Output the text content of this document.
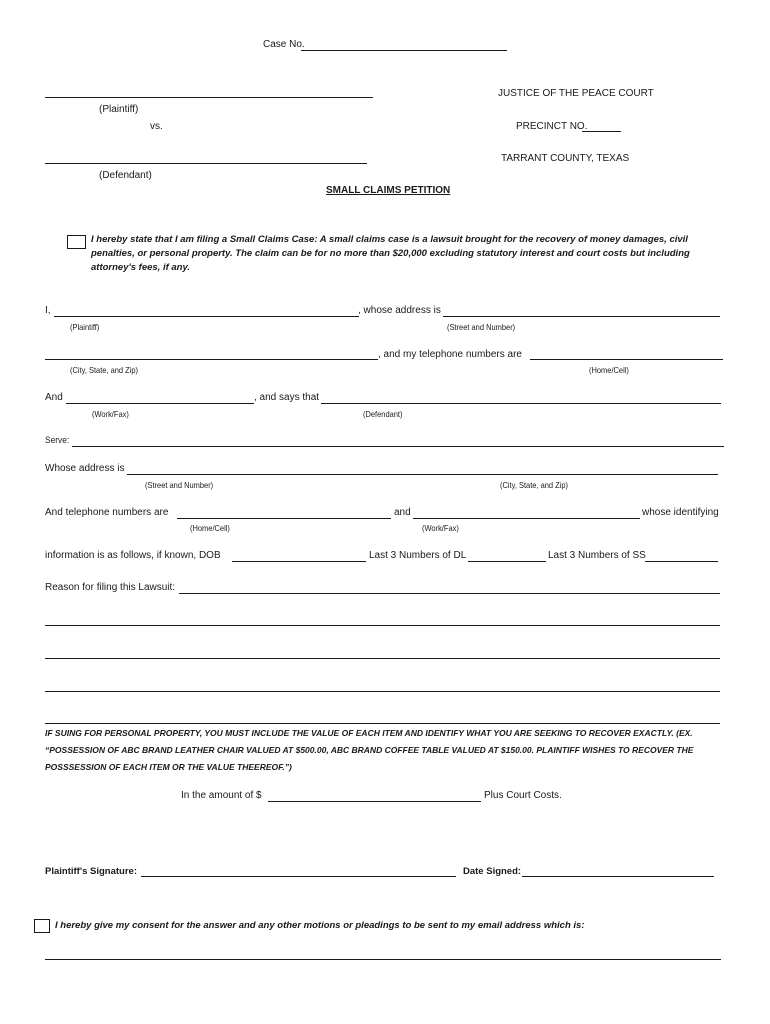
Case No.
JUSTICE OF THE PEACE COURT
(Plaintiff)
vs.	PRECINCT NO.
TARRANT COUNTY, TEXAS
(Defendant)
SMALL CLAIMS PETITION
I hereby state that I am filing a Small Claims Case: A small claims case is a lawsuit brought for the recovery of money damages, civil penalties, or personal property. The claim can be for no more than $20,000 excluding statutory interest and court costs but including attorney's fees, if any.
I,	, whose address is
(Plaintiff)	(Street and Number)
, and my telephone numbers are
(City, State, and Zip)	(Home/Cell)
And	, and says that
(Work/Fax)	(Defendant)
Serve:
Whose address is
(Street and Number)	(City, State, and Zip)
And telephone numbers are	and	whose identifying
(Home/Cell)	(Work/Fax)
information is as follows, if known, DOB	Last 3 Numbers of DL	Last 3 Numbers of SS
Reason for filing this Lawsuit:
IF SUING FOR PERSONAL PROPERTY, YOU MUST INCLUDE THE VALUE OF EACH ITEM AND IDENTIFY WHAT YOU ARE SEEKING TO RECOVER EXACTLY. (EX.
“POSSESSION OF ABC BRAND LEATHER CHAIR VALUED AT $500.00, ABC BRAND COFFEE TABLE VALUED AT $150.00. PLAINTIFF WISHES TO RECOVER THE
POSSSESSION OF EACH ITEM OR THE VALUE THEEREOF.”)
In the amount of $	Plus Court Costs.
Plaintiff's Signature:	Date Signed:
I hereby give my consent for the answer and any other motions or pleadings to be sent to my email address which is:
